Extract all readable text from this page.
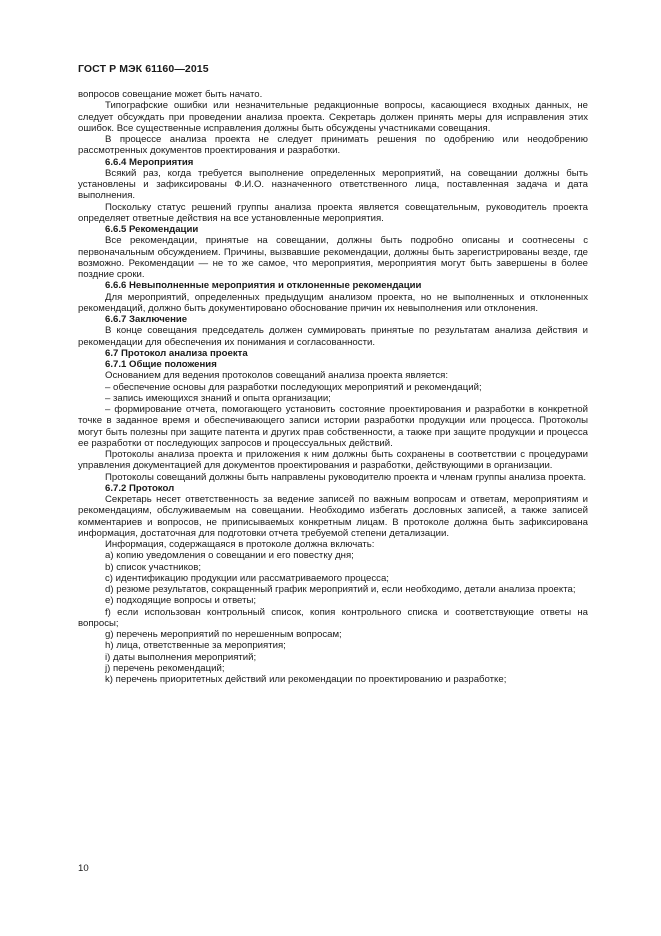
ГОСТ Р МЭК 61160—2015

вопросов совещание может быть начато.

Типографские ошибки или незначительные редакционные вопросы, касающиеся входных данных, не следует обсуждать при проведении анализа проекта. Секретарь должен принять меры для исправления этих ошибок. Все существенные исправления должны быть обсуждены участниками совещания.

В процессе анализа проекта не следует принимать решения по одобрению или неодобрению рассмотренных документов проектирования и разработки.

6.6.4 Мероприятия

Всякий раз, когда требуется выполнение определенных мероприятий, на совещании должны быть установлены и зафиксированы Ф.И.О. назначенного ответственного лица, поставленная задача и дата выполнения.

Поскольку статус решений группы анализа проекта является совещательным, руководитель проекта определяет ответные действия на все установленные мероприятия.

6.6.5 Рекомендации

Все рекомендации, принятые на совещании, должны быть подробно описаны и соотнесены с первоначальным обсуждением. Причины, вызвавшие рекомендации, должны быть зарегистрированы везде, где возможно. Рекомендации — не то же самое, что мероприятия, мероприятия могут быть завершены в более поздние сроки.

6.6.6 Невыполненные мероприятия и отклоненные рекомендации

Для мероприятий, определенных предыдущим анализом проекта, но не выполненных и отклоненных рекомендаций, должно быть документировано обоснование причин их невыполнения или отклонения.

6.6.7 Заключение

В конце совещания председатель должен суммировать принятые по результатам анализа действия и рекомендации для обеспечения их понимания и согласованности.

6.7 Протокол анализа проекта

6.7.1 Общие положения

Основанием для ведения протоколов совещаний анализа проекта является:

– обеспечение основы для разработки последующих мероприятий и рекомендаций;

– запись имеющихся знаний и опыта организации;

– формирование отчета, помогающего установить состояние проектирования и разработки в конкретной точке в заданное время и обеспечивающего записи истории разработки продукции или процесса. Протоколы могут быть полезны при защите патента и других прав собственности, а также при защите продукции и процесса ее разработки от последующих запросов и процессуальных действий.

Протоколы анализа проекта и приложения к ним должны быть сохранены в соответствии с процедурами управления документацией для документов проектирования и разработки, действующими в организации.

Протоколы совещаний должны быть направлены руководителю проекта и членам группы анализа проекта.

6.7.2 Протокол

Секретарь несет ответственность за ведение записей по важным вопросам и ответам, мероприятиям и рекомендациям, обслуживаемым на совещании. Необходимо избегать дословных записей, а также записей комментариев и вопросов, не приписываемых конкретным лицам. В протоколе должна быть зафиксирована информация, достаточная для подготовки отчета требуемой степени детализации.

Информация, содержащаяся в протоколе должна включать:

a) копию уведомления о совещании и его повестку дня;

b) список участников;

c) идентификацию продукции или рассматриваемого процесса;

d) резюме результатов, сокращенный график мероприятий и, если необходимо, детали анализа проекта;

e) подходящие вопросы и ответы;

f) если использован контрольный список, копия контрольного списка и соответствующие ответы на вопросы;

g) перечень мероприятий по нерешенным вопросам;

h) лица, ответственные за мероприятия;

i) даты выполнения мероприятий;

j) перечень рекомендаций;

k) перечень приоритетных действий или рекомендации по проектированию и разработке;

10
